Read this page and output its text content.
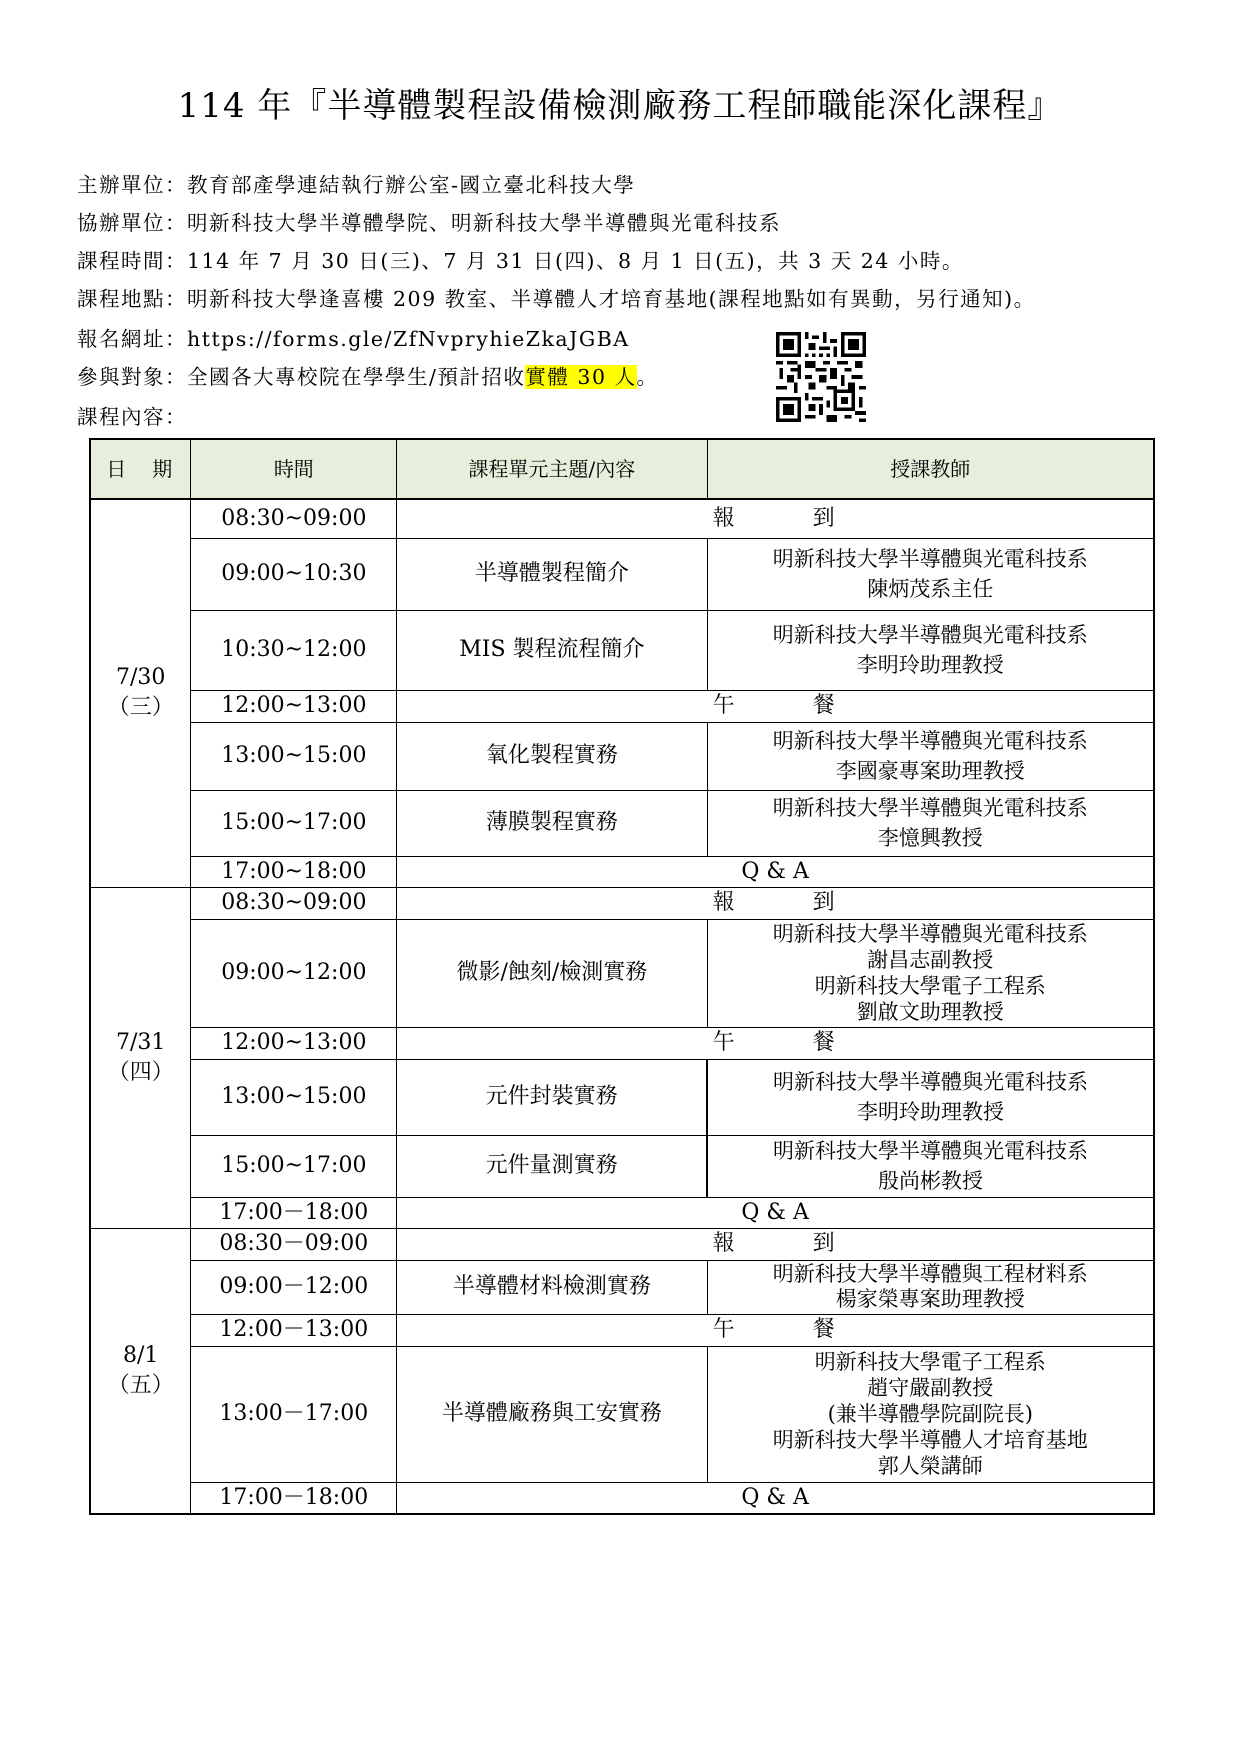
114 年『半導體製程設備檢測廠務工程師職能深化課程』
主辦單位：教育部產學連結執行辦公室-國立臺北科技大學
協辦單位：明新科技大學半導體學院、明新科技大學半導體與光電科技系
課程時間：114 年 7 月 30 日(三)、7 月 31 日(四)、8 月 1 日(五)，共 3 天 24 小時。
課程地點：明新科技大學逢喜樓 209 教室、半導體人才培育基地(課程地點如有異動，另行通知)。
報名網址：https://forms.gle/ZfNvpryhieZkaJGBA
參與對象：全國各大專校院在學學生/預計招收實體 30 人。
課程內容：
日　期	時間	課程單元主題/內容	授課教師

7/30
（三）	08:30~09:00	報　　　到	
	09:00~10:30	半導體製程簡介	明新科技大學半導體與光電科技系
陳炳茂系主任

	10:30~12:00	MIS 製程流程簡介	明新科技大學半導體與光電科技系
李明玲助理教授

	12:00~13:00	午　　　餐	
	13:00~15:00	氧化製程實務	明新科技大學半導體與光電科技系
李國豪專案助理教授

	15:00~17:00	薄膜製程實務	明新科技大學半導體與光電科技系
李憶興教授

	17:00~18:00	Q & A	

7/31
（四）	08:30~09:00	報　　　到	
	09:00~12:00	微影/蝕刻/檢測實務	明新科技大學半導體與光電科技系
謝昌志副教授
明新科技大學電子工程系
劉啟文助理教授

	12:00~13:00	午　　　餐	
	13:00~15:00	元件封裝實務	明新科技大學半導體與光電科技系
李明玲助理教授

	15:00~17:00	元件量測實務	明新科技大學半導體與光電科技系
殷尚彬教授

	17:00－18:00	Q & A	

8/1
（五）	08:30－09:00	報　　　到	
	09:00－12:00	半導體材料檢測實務	明新科技大學半導體與工程材料系
楊家榮專案助理教授

	12:00－13:00	午　　　餐	
	13:00－17:00	半導體廠務與工安實務	明新科技大學電子工程系
趙守嚴副教授
(兼半導體學院副院長)
明新科技大學半導體人才培育基地
郭人榮講師

	17:00－18:00	Q & A	
